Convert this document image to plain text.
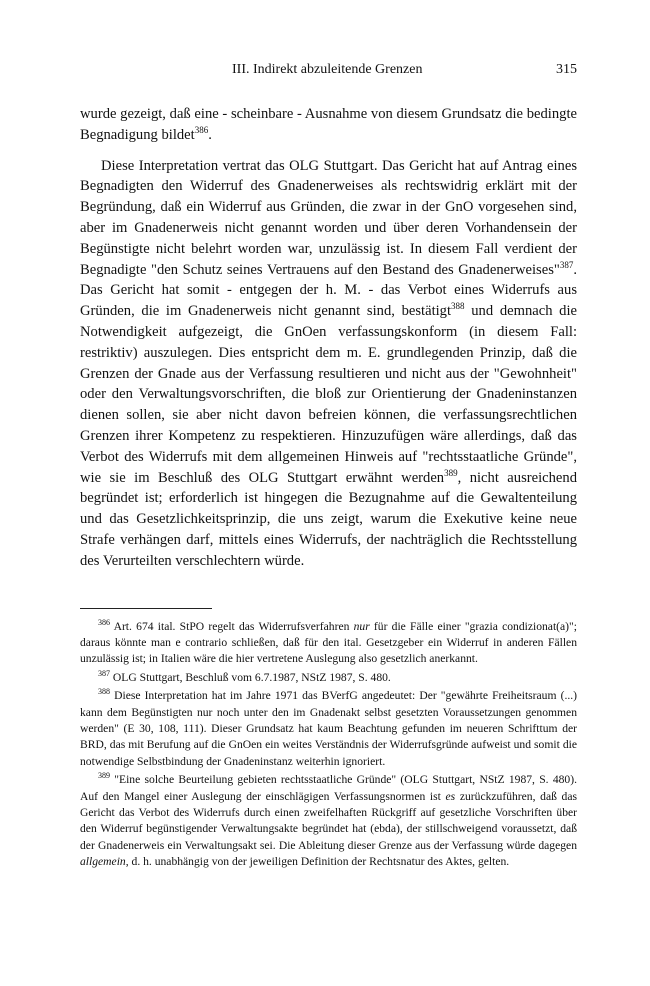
III. Indirekt abzuleitende Grenzen	315

wurde gezeigt, daß eine - scheinbare - Ausnahme von diesem Grundsatz die bedingte Begnadigung bildet$^{386}$.

Diese Interpretation vertrat das OLG Stuttgart. Das Gericht hat auf Antrag eines Begnadigten den Widerruf des Gnadenerweises als rechtswidrig erklärt mit der Begründung, daß ein Widerruf aus Gründen, die zwar in der GnO vorgesehen sind, aber im Gnadenerweis nicht genannt worden und über deren Vorhandensein der Begünstigte nicht belehrt worden war, unzulässig ist. In diesem Fall verdient der Begnadigte "den Schutz seines Vertrauens auf den Bestand des Gnadenerweises"$^{387}$. Das Gericht hat somit - entgegen der h. M. - das Verbot eines Widerrufs aus Gründen, die im Gnadenerweis nicht genannt sind, bestätigt$^{388}$ und demnach die Notwendigkeit aufgezeigt, die GnOen verfassungskonform (in diesem Fall: restriktiv) auszulegen. Dies entspricht dem m. E. grundlegenden Prinzip, daß die Grenzen der Gnade aus der Verfassung resultieren und nicht aus der "Gewohnheit" oder den Verwaltungsvorschriften, die bloß zur Orientierung der Gnadeninstanzen dienen sollen, sie aber nicht davon befreien können, die verfassungsrechtlichen Grenzen ihrer Kompetenz zu respektieren. Hinzuzufügen wäre allerdings, daß das Verbot des Widerrufs mit dem allgemeinen Hinweis auf "rechtsstaatliche Gründe", wie sie im Beschluß des OLG Stuttgart erwähnt werden$^{389}$, nicht ausreichend begründet ist; erforderlich ist hingegen die Bezugnahme auf die Gewaltenteilung und das Gesetzlichkeitsprinzip, die uns zeigt, warum die Exekutive keine neue Strafe verhängen darf, mittels eines Widerrufs, der nachträglich die Rechtsstellung des Verurteilten verschlechtern würde.

$^{386}$ Art. 674 ital. StPO regelt das Widerrufsverfahren nur für die Fälle einer "grazia condizionat(a)"; daraus könnte man e contrario schließen, daß für den ital. Gesetzgeber ein Widerruf in anderen Fällen unzulässig ist; in Italien wäre die hier vertretene Auslegung also gesetzlich anerkannt.

$^{387}$ OLG Stuttgart, Beschluß vom 6.7.1987, NStZ 1987, S. 480.

$^{388}$ Diese Interpretation hat im Jahre 1971 das BVerfG angedeutet: Der "gewährte Freiheitsraum (...) kann dem Begünstigten nur noch unter den im Gnadenakt selbst gesetzten Voraussetzungen genommen werden" (E 30, 108, 111). Dieser Grundsatz hat kaum Beachtung gefunden im neueren Schrifttum der BRD, das mit Berufung auf die GnOen ein weites Verständnis der Widerrufsgründe aufweist und somit die notwendige Selbstbindung der Gnadeninstanz weiterhin ignoriert.

$^{389}$ "Eine solche Beurteilung gebieten rechtsstaatliche Gründe" (OLG Stuttgart, NStZ 1987, S. 480). Auf den Mangel einer Auslegung der einschlägigen Verfassungsnormen ist es zurückzuführen, daß das Gericht das Verbot des Widerrufs durch einen zweifelhaften Rückgriff auf gesetzliche Vorschriften über den Widerruf begünstigender Verwaltungsakte begründet hat (ebda), der stillschweigend voraussetzt, daß der Gnadenerweis ein Verwaltungsakt sei. Die Ableitung dieser Grenze aus der Verfassung würde dagegen allgemein, d. h. unabhängig von der jeweiligen Definition der Rechtsnatur des Aktes, gelten.
